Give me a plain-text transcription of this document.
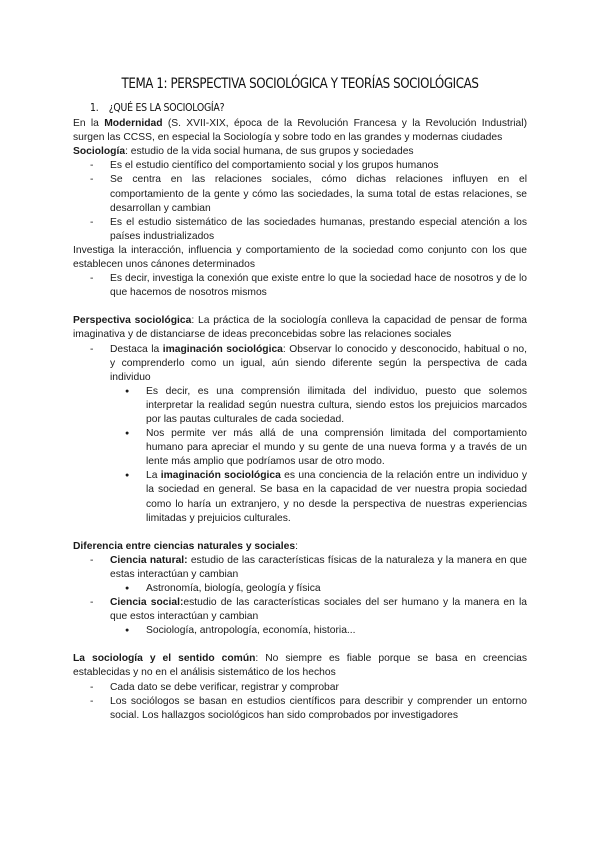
TEMA 1: PERSPECTIVA SOCIOLÓGICA Y TEORÍAS SOCIOLÓGICAS
1. ¿QUÉ ES LA SOCIOLOGÍA?

En la Modernidad (S. XVII-XIX, época de la Revolución Francesa y la Revolución Industrial) surgen las CCSS, en especial la Sociología y sobre todo en las grandes y modernas ciudades

Sociología: estudio de la vida social humana, de sus grupos y sociedades

- Es el estudio científico del comportamiento social y los grupos humanos
- Se centra en las relaciones sociales, cómo dichas relaciones influyen en el comportamiento de la gente y cómo las sociedades, la suma total de estas relaciones, se desarrollan y cambian
- Es el estudio sistemático de las sociedades humanas, prestando especial atención a los países industrializados

Investiga la interacción, influencia y comportamiento de la sociedad como conjunto con los que establecen unos cánones determinados

- Es decir, investiga la conexión que existe entre lo que la sociedad hace de nosotros y de lo que hacemos de nosotros mismos

Perspectiva sociológica: La práctica de la sociología conlleva la capacidad de pensar de forma imaginativa y de distanciarse de ideas preconcebidas sobre las relaciones sociales

- Destaca la imaginación sociológica: Observar lo conocido y desconocido, habitual o no, y comprenderlo como un igual, aún siendo diferente según la perspectiva de cada individuo
● Es decir, es una comprensión ilimitada del individuo, puesto que solemos interpretar la realidad según nuestra cultura, siendo estos los prejuicios marcados por las pautas culturales de cada sociedad.
● Nos permite ver más allá de una comprensión limitada del comportamiento humano para apreciar el mundo y su gente de una nueva forma y a través de un lente más amplio que podríamos usar de otro modo.
● La imaginación sociológica es una conciencia de la relación entre un individuo y la sociedad en general. Se basa en la capacidad de ver nuestra propia sociedad como lo haría un extranjero, y no desde la perspectiva de nuestras experiencias limitadas y prejuicios culturales.

Diferencia entre ciencias naturales y sociales:

- Ciencia natural: estudio de las características físicas de la naturaleza y la manera en que estas interactúan y cambian
● Astronomía, biología, geología y física
- Ciencia social:estudio de las características sociales del ser humano y la manera en la que estos interactúan y cambian
● Sociología, antropología, economía, historia...

La sociología y el sentido común: No siempre es fiable porque se basa en creencias establecidas y no en el análisis sistemático de los hechos

- Cada dato se debe verificar, registrar y comprobar
- Los sociólogos se basan en estudios científicos para describir y comprender un entorno social. Los hallazgos sociológicos han sido comprobados por investigadores
